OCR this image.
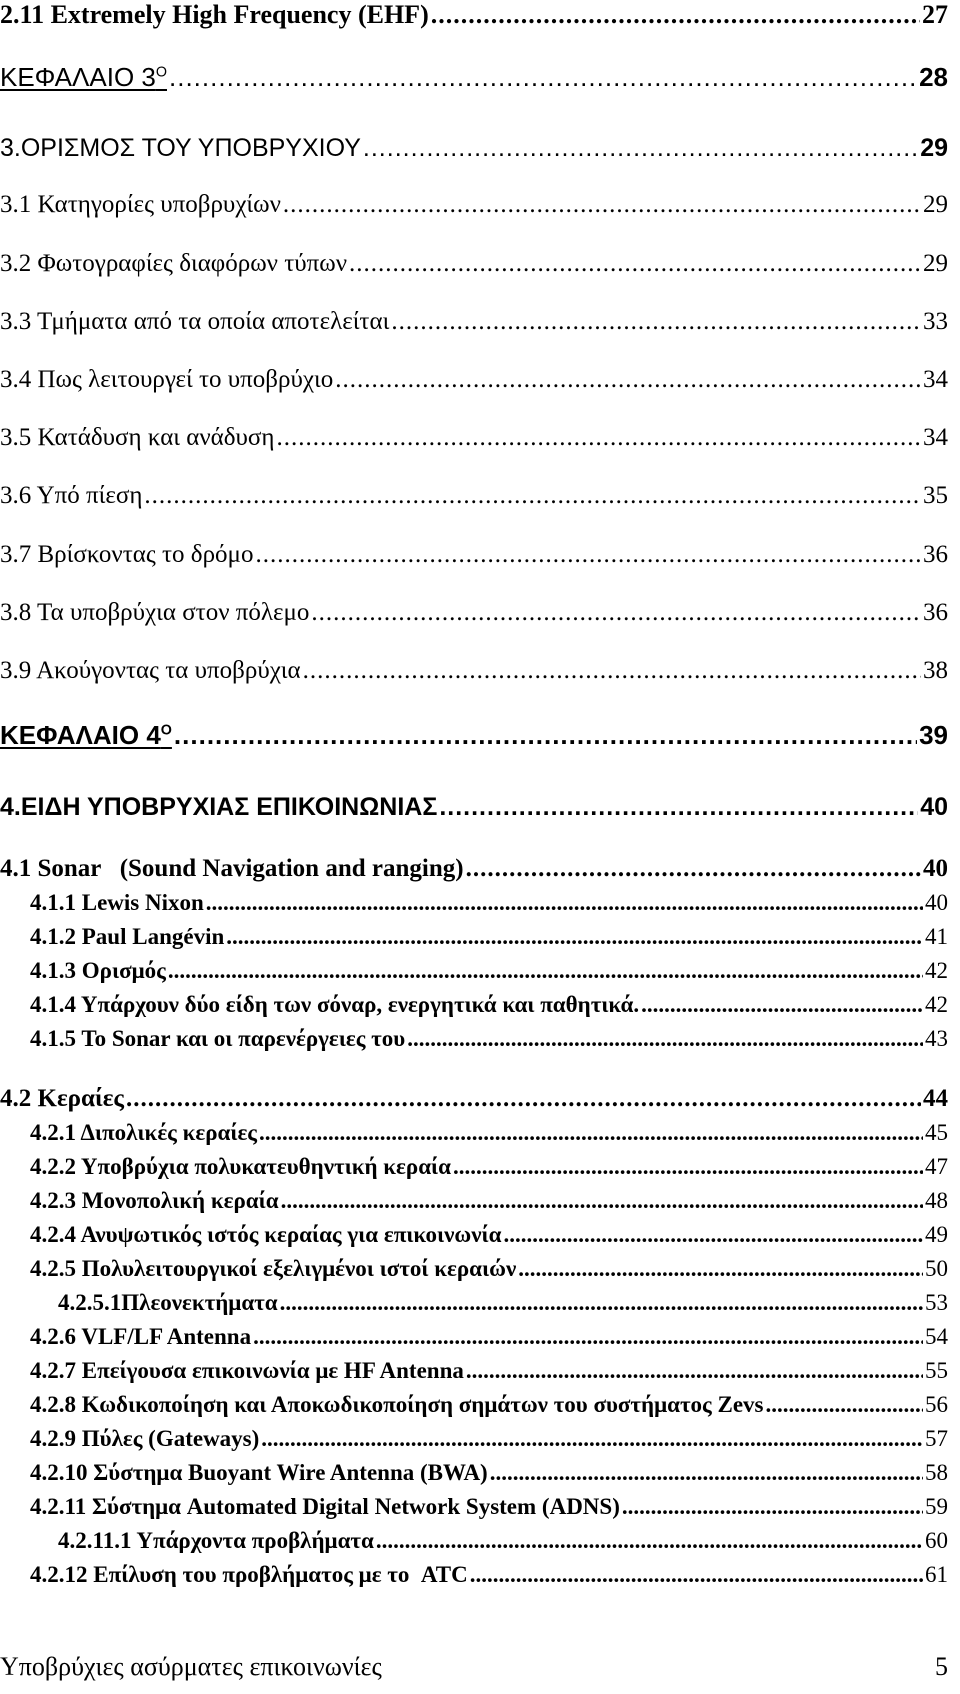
2.11 Extremely High Frequency (EHF) .....	27
ΚΕΦΑΛΑΙΟ $3^O$ .....	28
3.ΟΡΙΣΜΟΣ ΤΟΥ ΥΠΟΒΡΥΧΙΟΥ .....	29
3.1 Κατηγορίες υποβρυχίων .....	29
3.2 Φωτογραφίες διαφόρων τύπων .....	29
3.3 Τμήματα από τα οποία αποτελείται .....	33
3.4 Πως λειτουργεί το υποβρύχιο .....	34
3.5 Κατάδυση και ανάδυση .....	34
3.6 Υπό πίεση .....	35
3.7 Βρίσκοντας το δρόμο .....	36
3.8 Τα υποβρύχια στον πόλεμο .....	36
3.9 Ακούγοντας τα υποβρύχια .....	38
ΚΕΦΑΛΑΙΟ $4^O$ .....	39
4.ΕΙΔΗ ΥΠΟΒΡΥΧΙΑΣ ΕΠΙΚΟΙΝΩΝΙΑΣ .....	40
4.1 Sonar   (Sound Navigation and ranging) .....	40
4.1.1 Lewis Nixon .....	40
4.1.2 Paul Langévin .....	41
4.1.3 Ορισμός .....	42
4.1.4 Υπάρχουν δύο είδη των σόναρ, ενεργητικά και παθητικά. .....	42
4.1.5 Το Sonar και οι παρενέργειες του .....	43
4.2 Κεραίες .....	44
4.2.1 Διπολικές κεραίες .....	45
4.2.2 Υποβρύχια πολυκατευθηντική κεραία .....	47
4.2.3 Μονοπολική κεραία .....	48
4.2.4 Ανυψωτικός ιστός κεραίας για επικοινωνία .....	49
4.2.5 Πολυλειτουργικοί εξελιγμένοι ιστοί κεραιών .....	50
4.2.5.1Πλεονεκτήματα .....	53
4.2.6 VLF/LF Antenna .....	54
4.2.7 Επείγουσα επικοινωνία με HF Antenna .....	55
4.2.8 Κωδικοποίηση και Αποκωδικοποίηση σημάτων του συστήματος Zevs .....	56
4.2.9 Πύλες (Gateways) .....	57
4.2.10 Σύστημα Buoyant Wire Antenna (BWA) .....	58
4.2.11 Σύστημα Automated Digital Network System (ADNS) .....	59
4.2.11.1 Υπάρχοντα προβλήματα .....	60
4.2.12 Επίλυση του προβλήματος με το  ATC .....	61
Υποβρύχιες ασύρματες επικοινωνίες	5
